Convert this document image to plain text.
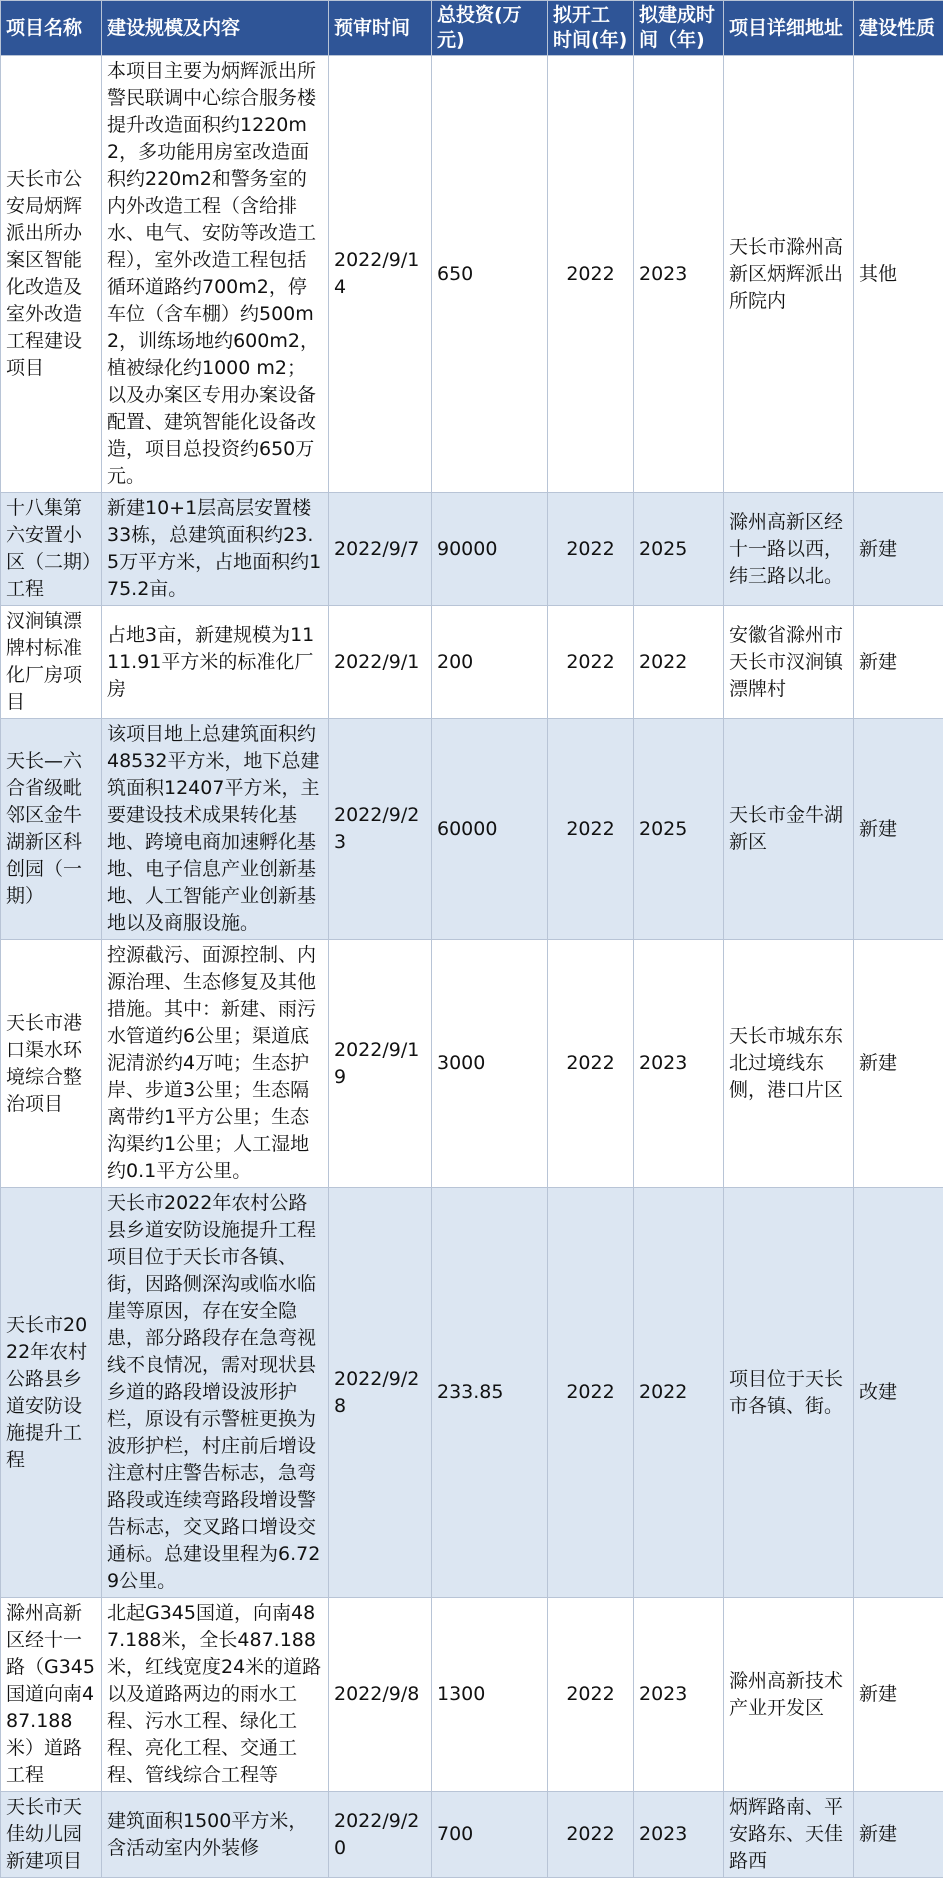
项目名称	建设规模及内容	预审时间	总投资(万元)	拟开工时间(年)	拟建成时间（年)	项目详细地址	建设性质
天长市公安局炳辉派出所办案区智能化改造及室外改造工程建设项目	本项目主要为炳辉派出所警民联调中心综合服务楼提升改造面积约1220m2，多功能用房室改造面积约220m2和警务室的内外改造工程（含给排水、电气、安防等改造工程），室外改造工程包括循环道路约700m2，停车位（含车棚）约500m2，训练场地约600m2，植被绿化约1000 m2；以及办案区专用办案设备配置、建筑智能化设备改造，项目总投资约650万元。	2022/9/14	650	2022	2023	天长市滁州高新区炳辉派出所院内	其他
十八集第六安置小区（二期）工程	新建10+1层高层安置楼33栋，总建筑面积约23.5万平方米，占地面积约175.2亩。	2022/9/7	90000	2022	2025	滁州高新区经十一路以西，纬三路以北。	新建
汊涧镇漂牌村标准化厂房项目	占地3亩，新建规模为1111.91平方米的标准化厂房	2022/9/1	200	2022	2022	安徽省滁州市天长市汊涧镇漂牌村	新建
天长—六合省级毗邻区金牛湖新区科创园（一期）	该项目地上总建筑面积约48532平方米，地下总建筑面积12407平方米，主要建设技术成果转化基地、跨境电商加速孵化基地、电子信息产业创新基地、人工智能产业创新基地以及商服设施。	2022/9/23	60000	2022	2025	天长市金牛湖新区	新建
天长市港口渠水环境综合整治项目	控源截污、面源控制、内源治理、生态修复及其他措施。其中：新建、雨污水管道约6公里；渠道底泥清淤约4万吨；生态护岸、步道3公里；生态隔离带约1平方公里；生态沟渠约1公里；人工湿地约0.1平方公里。	2022/9/19	3000	2022	2023	天长市城东东北过境线东侧，港口片区	新建
天长市2022年农村公路县乡道安防设施提升工程	天长市2022年农村公路县乡道安防设施提升工程项目位于天长市各镇、街，因路侧深沟或临水临崖等原因，存在安全隐患，部分路段存在急弯视线不良情况，需对现状县乡道的路段增设波形护栏，原设有示警桩更换为波形护栏，村庄前后增设注意村庄警告标志，急弯路段或连续弯路段增设警告标志，交叉路口增设交通标。总建设里程为6.729公里。	2022/9/28	233.85	2022	2022	项目位于天长市各镇、街。	改建
滁州高新区经十一路（G345国道向南487.188米）道路工程	北起G345国道，向南487.188米，全长487.188米，红线宽度24米的道路以及道路两边的雨水工程、污水工程、绿化工程、亮化工程、交通工程、管线综合工程等	2022/9/8	1300	2022	2023	滁州高新技术产业开发区	新建
天长市天佳幼儿园新建项目	建筑面积1500平方米，含活动室内外装修	2022/9/20	700	2022	2023	炳辉路南、平安路东、天佳路西	新建
